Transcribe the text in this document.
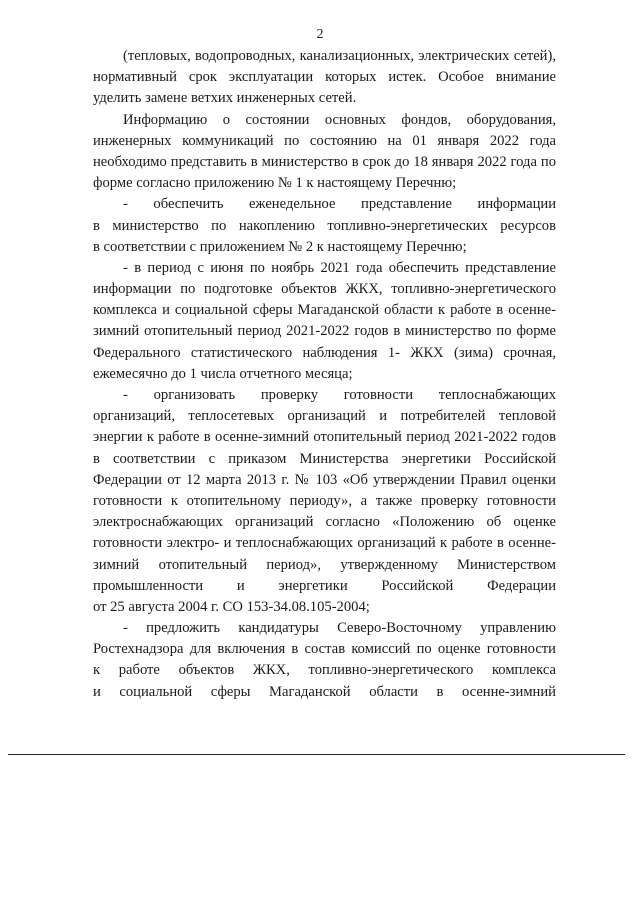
2
(тепловых, водопроводных, канализационных, электрических сетей),
нормативный срок эксплуатации которых истек. Особое внимание
уделить замене ветхих инженерных сетей.
Информацию о состоянии основных фондов, оборудования,
инженерных коммуникаций по состоянию на 01 января 2022 года
необходимо представить в министерство в срок до 18 января 2022 года по
форме согласно приложению № 1 к настоящему Перечню;
- обеспечить еженедельное представление информации
в министерство по накоплению топливно-энергетических ресурсов
в соответствии с приложением № 2 к настоящему Перечню;
- в период с июня по ноябрь 2021 года обеспечить представление
информации по подготовке объектов ЖКХ, топливно-энергетического
комплекса и социальной сферы Магаданской области к работе в осенне-
зимний отопительный период 2021-2022 годов в министерство по форме
Федерального статистического наблюдения 1- ЖКХ (зима) срочная,
ежемесячно до 1 числа отчетного месяца;
- организовать проверку готовности теплоснабжающих
организаций, теплосетевых организаций и потребителей тепловой
энергии к работе в осенне-зимний отопительный период 2021-2022 годов
в соответствии с приказом Министерства энергетики Российской
Федерации от 12 марта 2013 г. № 103 «Об утверждении Правил оценки
готовности к отопительному периоду», а также проверку готовности
электроснабжающих организаций согласно «Положению об оценке
готовности электро- и теплоснабжающих организаций к работе в осенне-
зимний отопительный период», утвержденному Министерством
промышленности и энергетики Российской Федерации
от 25 августа 2004 г. СО 153-34.08.105-2004;
- предложить кандидатуры Северо-Восточному управлению
Ростехнадзора для включения в состав комиссий по оценке готовности
к работе объектов ЖКХ, топливно-энергетического комплекса
и социальной сферы Магаданской области в осенне-зимний
